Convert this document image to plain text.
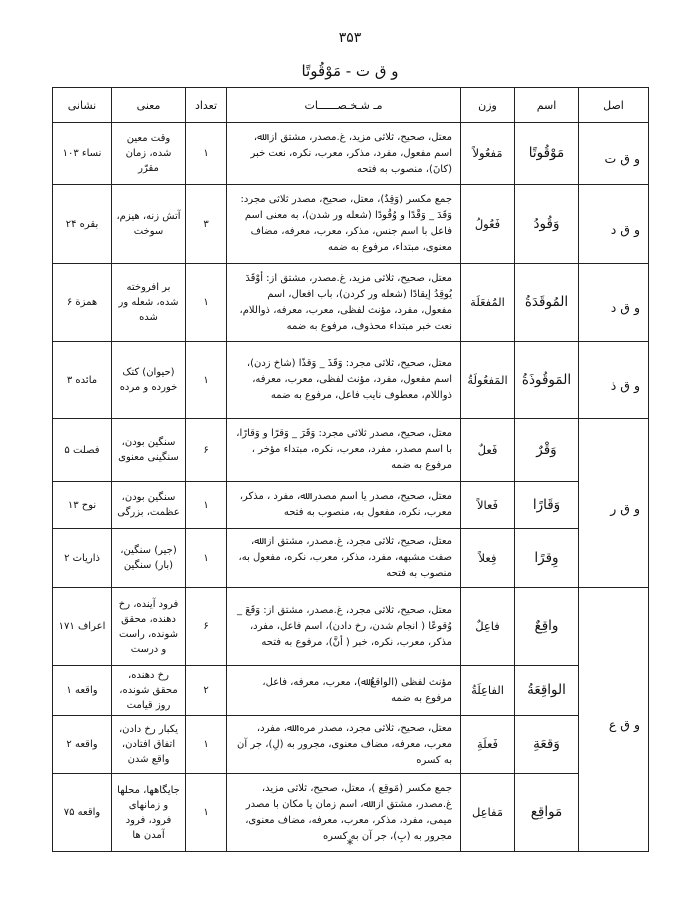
۳۵۳
و ق ت - مَوْقُوتًا
اصل	اسم	وزن	مـ شـخـصــــــات	تعداد	معنی	نشانی
و ق ت	مَوْقُوتًا	مَفعُولاً	معتل، صحیح، ثلاثی مزید، غ.مصدر، مشتق از: ﷲ، اسم مفعول، مفرد، مذکر، معرب، نکره، نعت خبر (کانَ)، منصوب به فتحه	۱	وقت معین شده، زمان مقرّر	نساء ۱۰۳
و ق د	وَقُودُ	فَعُولُ	جمع مکسر (وَقِدٌ)، معتل، صحیح، مصدر ثلاثی مجرد: وَقَدَ _ وَقْدًا و وُقُودًا (شعله ور شدن)، به معنی اسم فاعل با اسم جنس، مذکر، معرب، معرفه، مضاف معنوی، مبتداء، مرفوع به ضمه	۳	آتش زنه، هیزم، سوخت	بقره ۲۴
و ق د	المُوقَدَةُ	المُفعَلَة	معتل، صحیح، ثلاثی مزید، غ.مصدر، مشتق از: أوْقَدَ يُوقِدُ إيقادًا (شعله ور کردن)، باب افعال، اسم مفعول، مفرد، مؤنث لفظی، معرب، معرفه، ذواللام، نعت خبر مبتداء محذوف، مرفوع به ضمه	۱	بر افروخته شده، شعله ور شده	همزة ۶
و ق ذ	المَوقُوذَةُ	المَفعُولَةُ	معتل، صحیح، ثلاثی مجرد: وَقَذَ _ وَقذًا (شاخ زدن)، اسم مفعول، مفرد، مؤنث لفظی، معرب، معرفه، ذواللام، معطوف نایب فاعل، مرفوع به ضمه	۱	(حیوان) کتک خورده و مرده	مائده ۳
و ق ر	وَقْرٌ	فَعلٌ	معتل، صحیح، مصدر ثلاثی مجرد: وَقَرَ _ وَقرًا و وَقارًا، با اسم مصدر، مفرد، معرب، نکره، مبتداء مؤخر ، مرفوع به ضمه	۶	سنگین بودن، سنگینی معنوی	فصلت ۵
	وَقَارًا	فَعالاً	معتل، صحیح، مصدر یا اسم مصدر: ﷲ، مفرد ، مذکر، معرب، نکره، مفعول به، منصوب به فتحه	۱	سنگین بودن، عظمت، بزرگی	نوح ۱۳
	وِقرًا	فِعلاً	معتل، صحیح، ثلاثی مجرد، غ.مصدر، مشتق از: ﷲ، صفت مشبهه، مفرد، مذکر، معرب، نکره، مفعول به، منصوب به فتحه	۱	(جیر) سنگین، (بار) سنگین	ذاریات ۲
و ق ع	واقِعٌ	فاعِلٌ	معتل، صحیح، ثلاثی مجرد، غ.مصدر، مشتق از: وَقَعَ _ وُقوعًا ( انجام شدن، رخ دادن)، اسم فاعل، مفرد، مذکر، معرب، نکره، خبر ( أنَّ)، مرفوع به فتحه	۶	فرود آینده، رخ دهنده، محقق شونده، راست و درست	اعراف ۱۷۱
	الواقِعَةُ	الفاعِلَةُ	مؤنث لفظی (الواقعُ ﷲ)، معرب، معرفه، فاعل، مرفوع به ضمه	۲	رخ دهنده، محقق شونده، روز قیامت	واقعه ۱
	وَقعَةِ	فَعلَةِ	معتل، صحیح، ثلاثی مجرد، مصدر مره: ﷲ، مفرد، معرب، معرفه، مضاف معنوی، مجرور به (لِ)، جر آن به کسره	۱	یکبار رخ دادن، اتفاق افتادن، واقع شدن	واقعه ۲
	مَواقِع	مَفاعِل	جمع مکسر (مَوقِع )، معتل، صحیح، ثلاثی مزید، غ.مصدر، مشتق از: ﷲ، اسم زمان یا مکان با مصدر میمی، مفرد، مذکر، معرب، معرفه، مضاف معنوی، مجرور به (بِ)، جر آن به کسره	۱	جایگاهها، محلها و زمانهای فرود، فرود آمدن ها	واقعه ۷۵
*
